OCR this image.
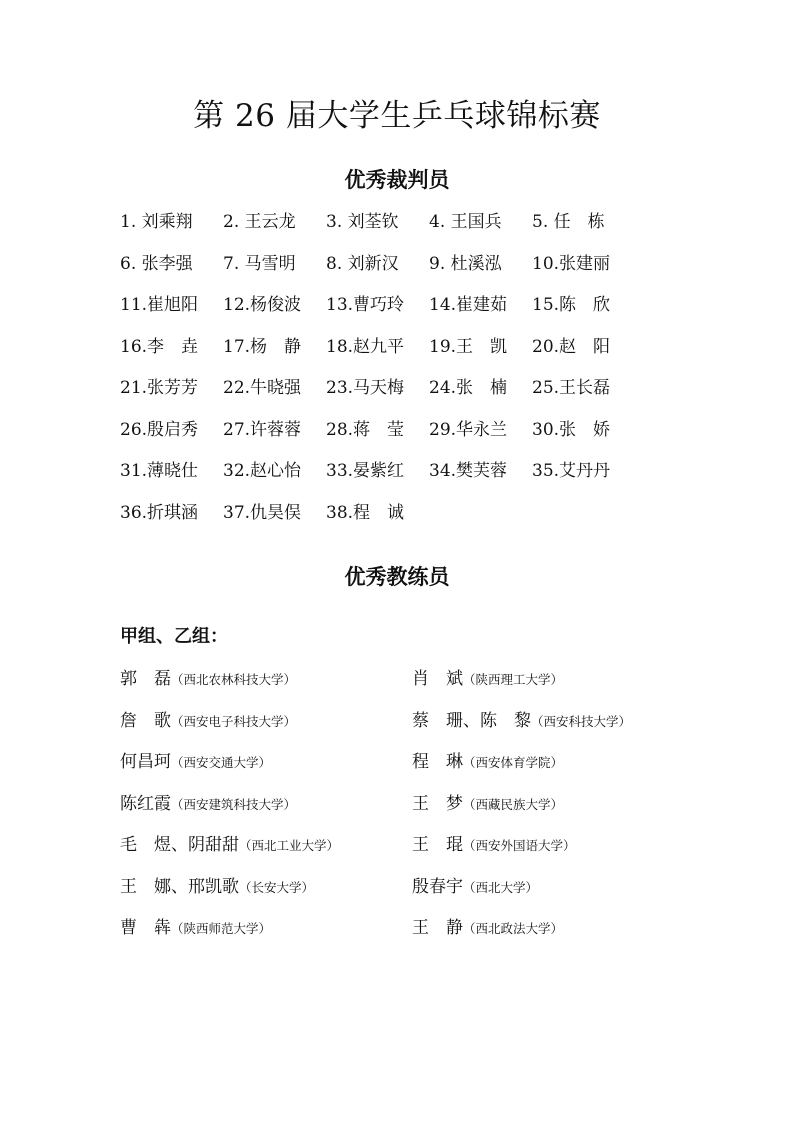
第 26 届大学生乒乓球锦标赛
优秀裁判员
1. 刘乘翔 2. 王云龙 3. 刘荃钦 4. 王国兵 5. 任　栋
6. 张李强 7. 马雪明 8. 刘新汉 9. 杜溪泓 10.张建丽
11.崔旭阳 12.杨俊波 13.曹巧玲 14.崔建茹 15.陈　欣
16.李　垚 17.杨　静 18.赵九平 19.王　凯 20.赵　阳
21.张芳芳 22.牛晓强 23.马天梅 24.张　楠 25.王长磊
26.殷启秀 27.许蓉蓉 28.蒋　莹 29.华永兰 30.张　娇
31.薄晓仕 32.赵心怡 33.晏紫红 34.樊芙蓉 35.艾丹丹
36.折琪涵 37.仇昊俣 38.程　诚
优秀教练员
甲组、乙组：
郭　磊（西北农林科技大学）	肖　斌（陕西理工大学）
詹　歌（西安电子科技大学）	蔡　珊、陈　黎（西安科技大学）
何昌珂（西安交通大学）	程　琳（西安体育学院）
陈红霞（西安建筑科技大学）	王　梦（西藏民族大学）
毛　煜、阴甜甜（西北工业大学）	王　琨（西安外国语大学）
王　娜、邢凯歌（长安大学）	殷春宇（西北大学）
曹　犇（陕西师范大学）	王　静（西北政法大学）
